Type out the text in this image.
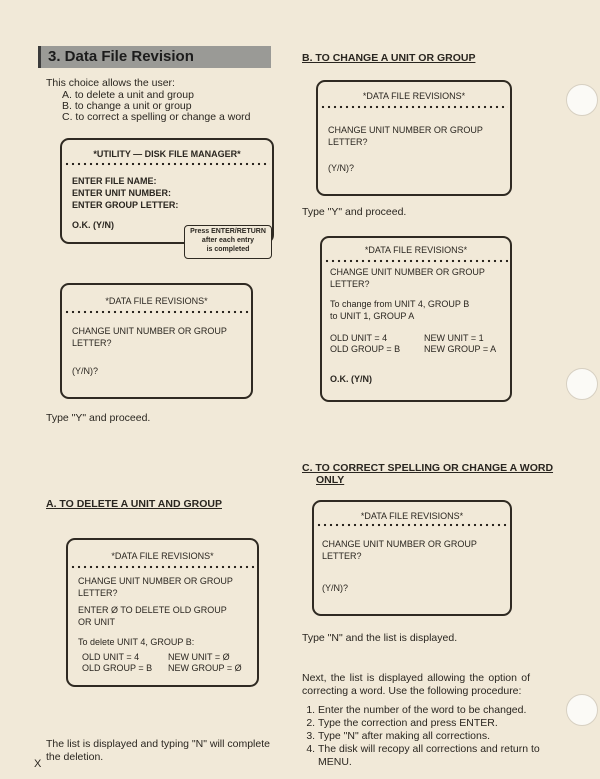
3. Data File Revision
This choice allows the user:
A. to delete a unit and group
B. to change a unit or group
C. to correct a spelling or change a word
*UTILITY — DISK FILE MANAGER*
ENTER FILE NAME:
ENTER UNIT NUMBER:
ENTER GROUP LETTER:
O.K. (Y/N)
Press ENTER/RETURN
after each entry
is completed
*DATA FILE REVISIONS*
CHANGE UNIT NUMBER OR GROUP
LETTER?
(Y/N)?
Type "Y" and proceed.
A. TO DELETE A UNIT AND GROUP
*DATA FILE REVISIONS*
CHANGE UNIT NUMBER OR GROUP
LETTER?
ENTER Ø TO DELETE OLD GROUP
OR UNIT
To delete UNIT 4, GROUP B:
OLD UNIT = 4	NEW UNIT = Ø
OLD GROUP = B NEW GROUP = Ø
The list is displayed and typing "N" will complete the deletion.
X
B. TO CHANGE A UNIT OR GROUP
*DATA FILE REVISIONS*
CHANGE UNIT NUMBER OR GROUP
LETTER?
(Y/N)?
Type "Y" and proceed.
*DATA FILE REVISIONS*
CHANGE UNIT NUMBER OR GROUP
LETTER?
To change from UNIT 4, GROUP B
to UNIT 1, GROUP A
OLD UNIT = 4	NEW UNIT = 1
OLD GROUP = B	NEW GROUP = A
O.K. (Y/N)
C. TO CORRECT SPELLING OR CHANGE A WORD
ONLY
*DATA FILE REVISIONS*
CHANGE UNIT NUMBER OR GROUP
LETTER?
(Y/N)?
Type "N" and the list is displayed.
Next, the list is displayed allowing the option of correcting a word. Use the following procedure:
1. Enter the number of the word to be changed.
2. Type the correction and press ENTER.
3. Type "N" after making all corrections.
4. The disk will recopy all corrections and return to MENU.
